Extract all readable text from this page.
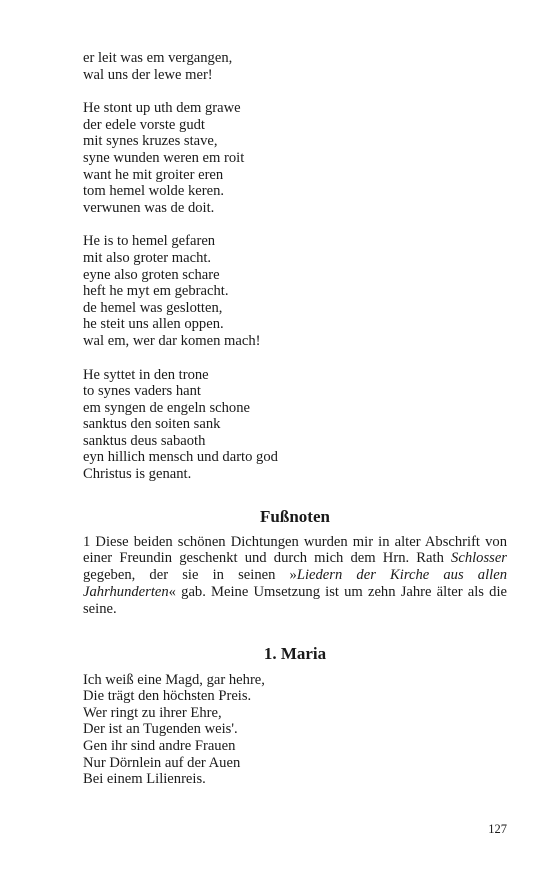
er leit was em vergangen,
wal uns der lewe mer!
He stont up uth dem grawe
der edele vorste gudt
mit synes kruzes stave,
syne wunden weren em roit
want he mit groiter eren
tom hemel wolde keren.
verwunen was de doit.
He is to hemel gefaren
mit also groter macht.
eyne also groten schare
heft he myt em gebracht.
de hemel was geslotten,
he steit uns allen oppen.
wal em, wer dar komen mach!
He syttet in den trone
to synes vaders hant
em syngen de engeln schone
sanktus den soiten sank
sanktus deus sabaoth
eyn hillich mensch und darto god
Christus is genant.
Fußnoten

1 Diese beiden schönen Dichtungen wurden mir in alter Abschrift von einer Freundin geschenkt und durch mich dem Hrn. Rath Schlosser gegeben, der sie in seinen »Liedern der Kirche aus allen Jahrhunderten« gab. Meine Umsetzung ist um zehn Jahre älter als die seine.

1. Maria
Ich weiß eine Magd, gar hehre,
Die trägt den höchsten Preis.
Wer ringt zu ihrer Ehre,
Der ist an Tugenden weis'.
Gen ihr sind andre Frauen
Nur Dörnlein auf der Auen
Bei einem Lilienreis.
127
